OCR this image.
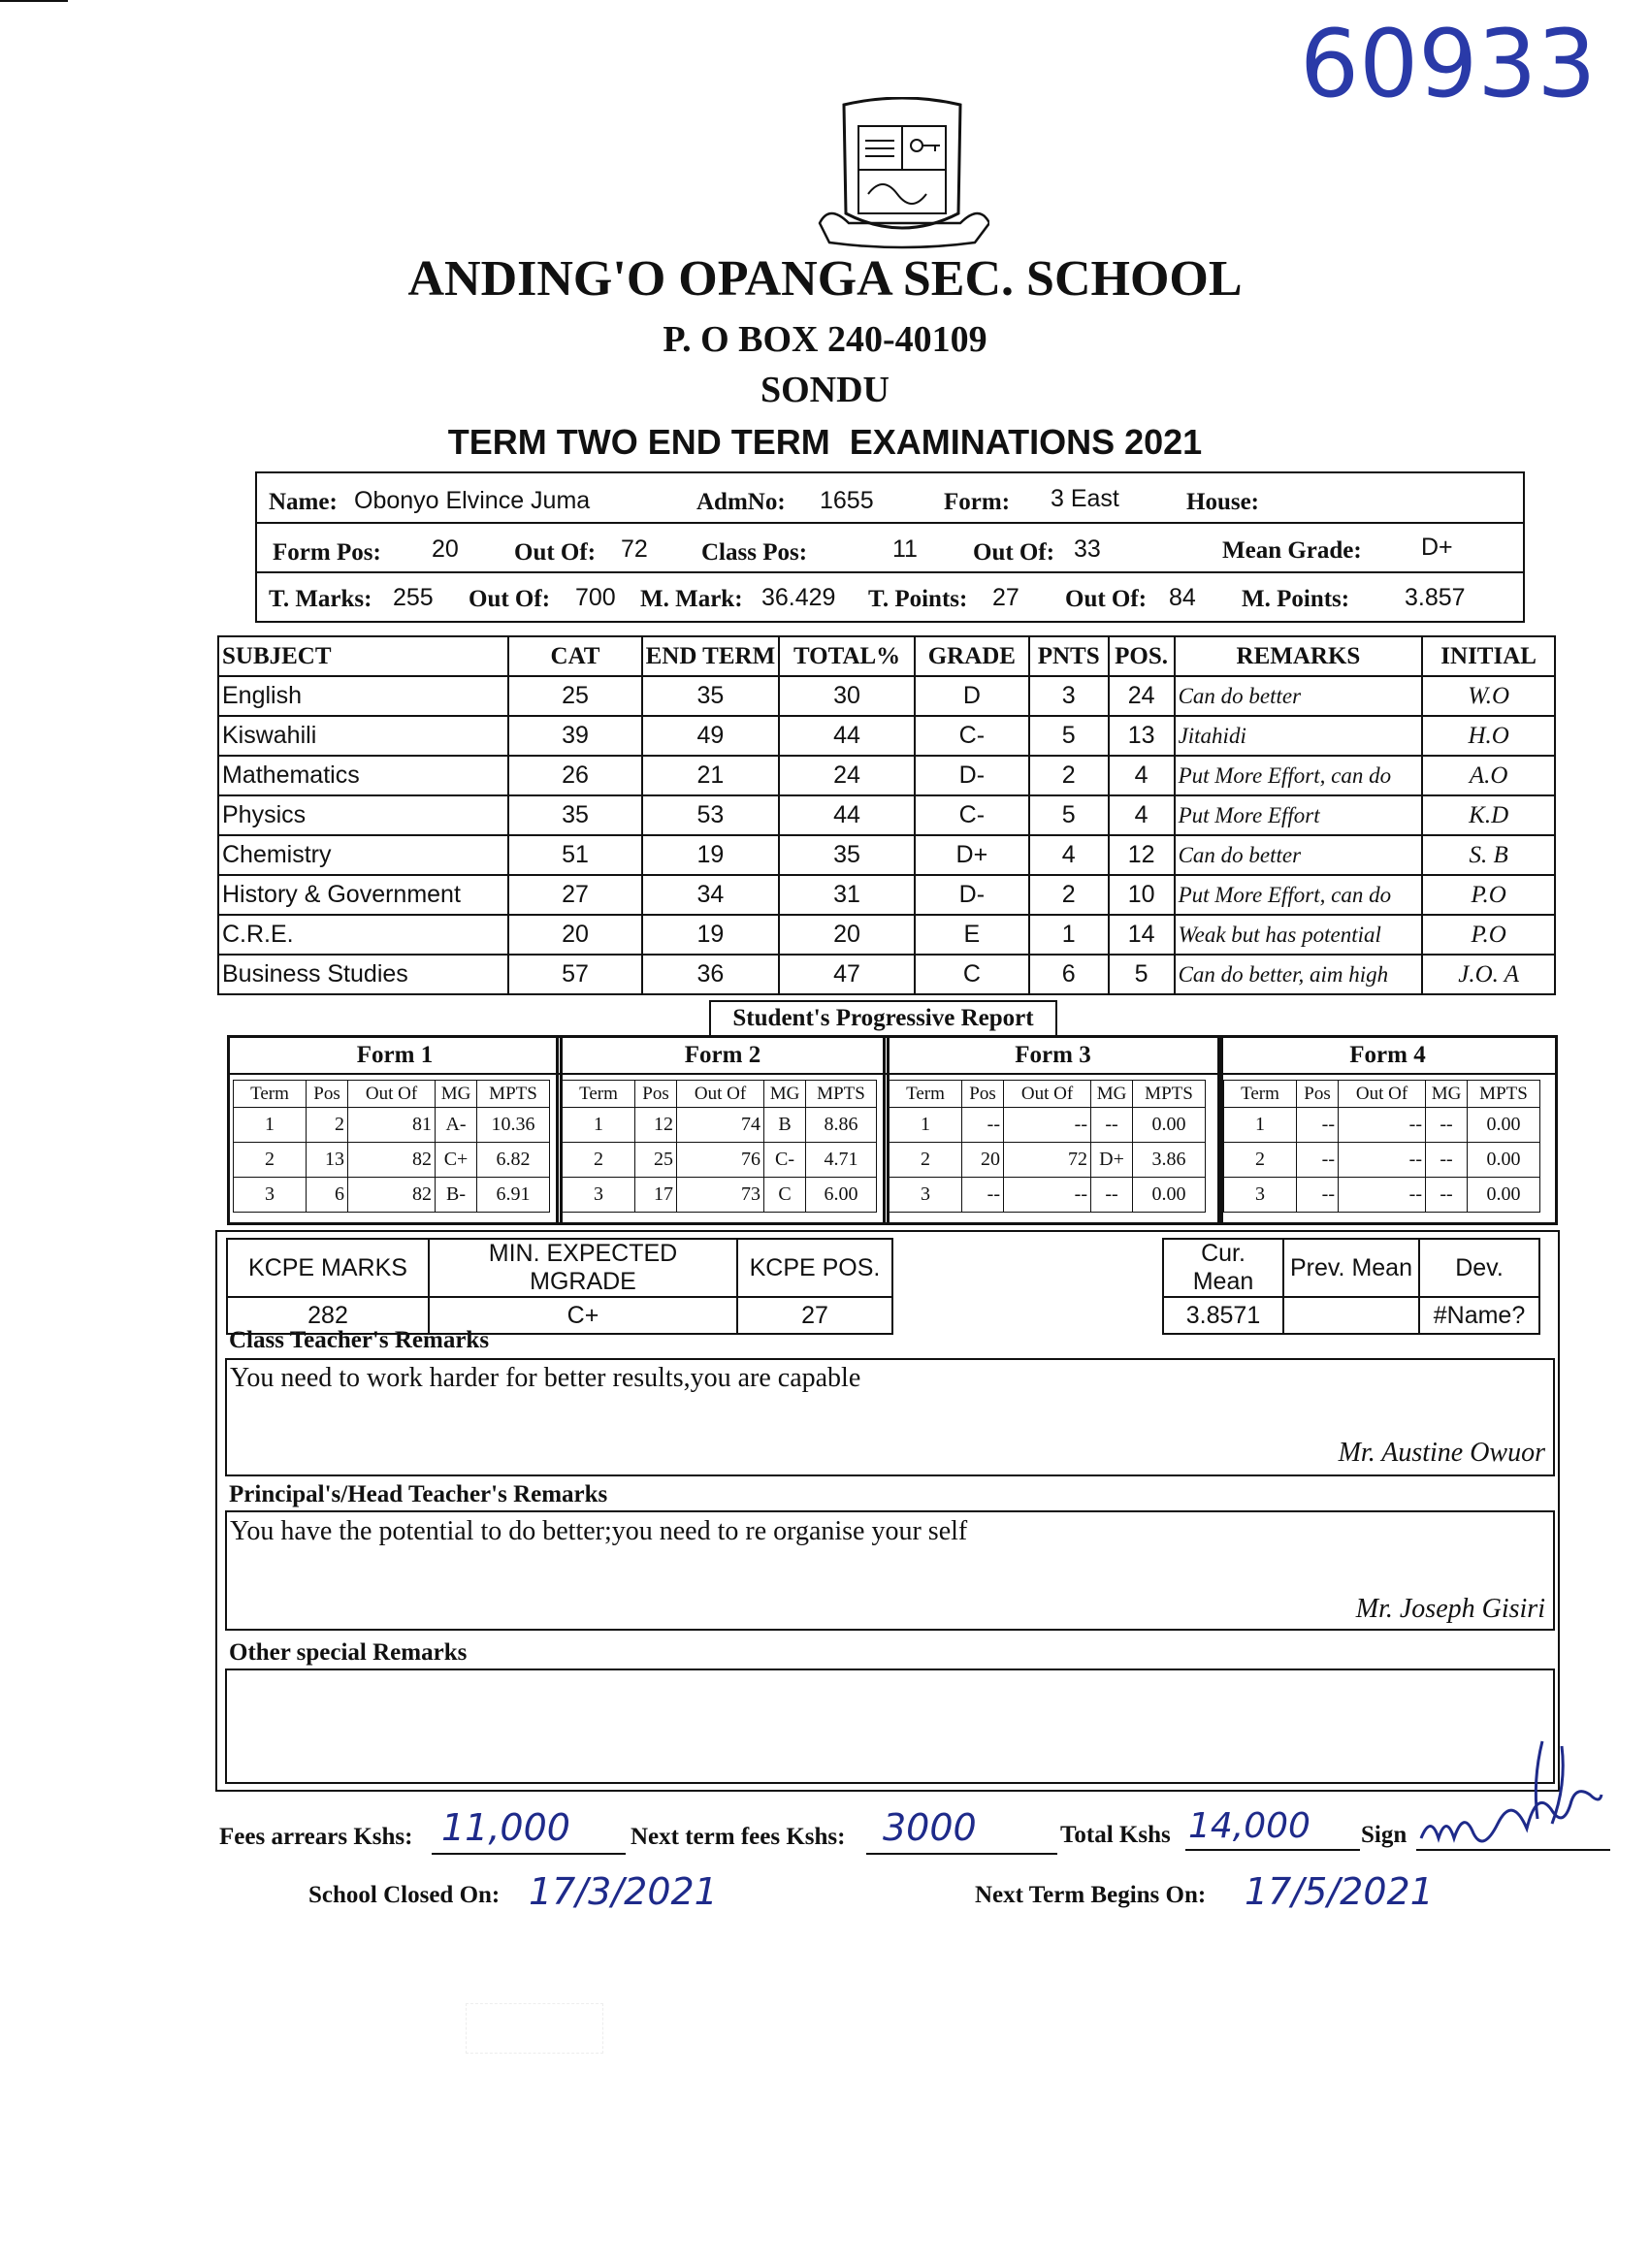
60933
ANDING'O OPANGA SEC. SCHOOL
P. O BOX 240-40109
SONDU
TERM TWO END TERM  EXAMINATIONS 2021
Name: Obonyo Elvince Juma	AdmNo: 1655	Form: 3 East	House:
Form Pos: 20 Out Of: 72 Class Pos:	11 Out Of: 33	Mean Grade: D+
T. Marks: 255 Out Of: 700 M. Mark: 36.429 T. Points: 27 Out Of: 84 M. Points: 3.857
SUBJECT	CAT	END TERM	TOTAL%	GRADE	PNTS	POS.	REMARKS	INITIAL
English	25	35	30	D	3	24	Can do better	W.O
Kiswahili	39	49	44	C-	5	13	Jitahidi	H.O
Mathematics	26	21	24	D-	2	4	Put More Effort, can do	A.O
Physics	35	53	44	C-	5	4	Put More Effort	K.D
Chemistry	51	19	35	D+	4	12	Can do better	S. B
History & Government	27	34	31	D-	2	10	Put More Effort, can do	P.O
C.R.E.	20	19	20	E	1	14	Weak but has potential	P.O
Business Studies	57	36	47	C	6	5	Can do better, aim high	J.O. A
Student's Progressive Report
Form 1
Term	Pos	Out Of	MG	MPTS
1	2	81	A-	10.36
2	13	82	C+	6.82
3	6	82	B-	6.91
Form 2
Term	Pos	Out Of	MG	MPTS
1	12	74	B	8.86
2	25	76	C-	4.71
3	17	73	C	6.00
Form 3
Term	Pos	Out Of	MG	MPTS
1	--	--	--	0.00
2	20	72	D+	3.86
3	--	--	--	0.00
Form 4
Term	Pos	Out Of	MG	MPTS
1	--	--	--	0.00
2	--	--	--	0.00
3	--	--	--	0.00
KCPE MARKS	MIN. EXPECTED MGRADE	KCPE POS.
282	C+	27
Cur. Mean	Prev. Mean	Dev.
3.8571		#Name?
Class Teacher's Remarks
You need to work harder for better results,you are capable
Mr. Austine Owuor
Principal's/Head Teacher's Remarks
You have the potential to do better;you need to re organise your self
Mr. Joseph Gisiri
Other special Remarks
Fees arrears Kshs: 11,000 Next term fees Kshs: 3000	Total Kshs 14,000 Sign
School Closed On: 17/3/2021	Next Term Begins On: 17/5/2021
